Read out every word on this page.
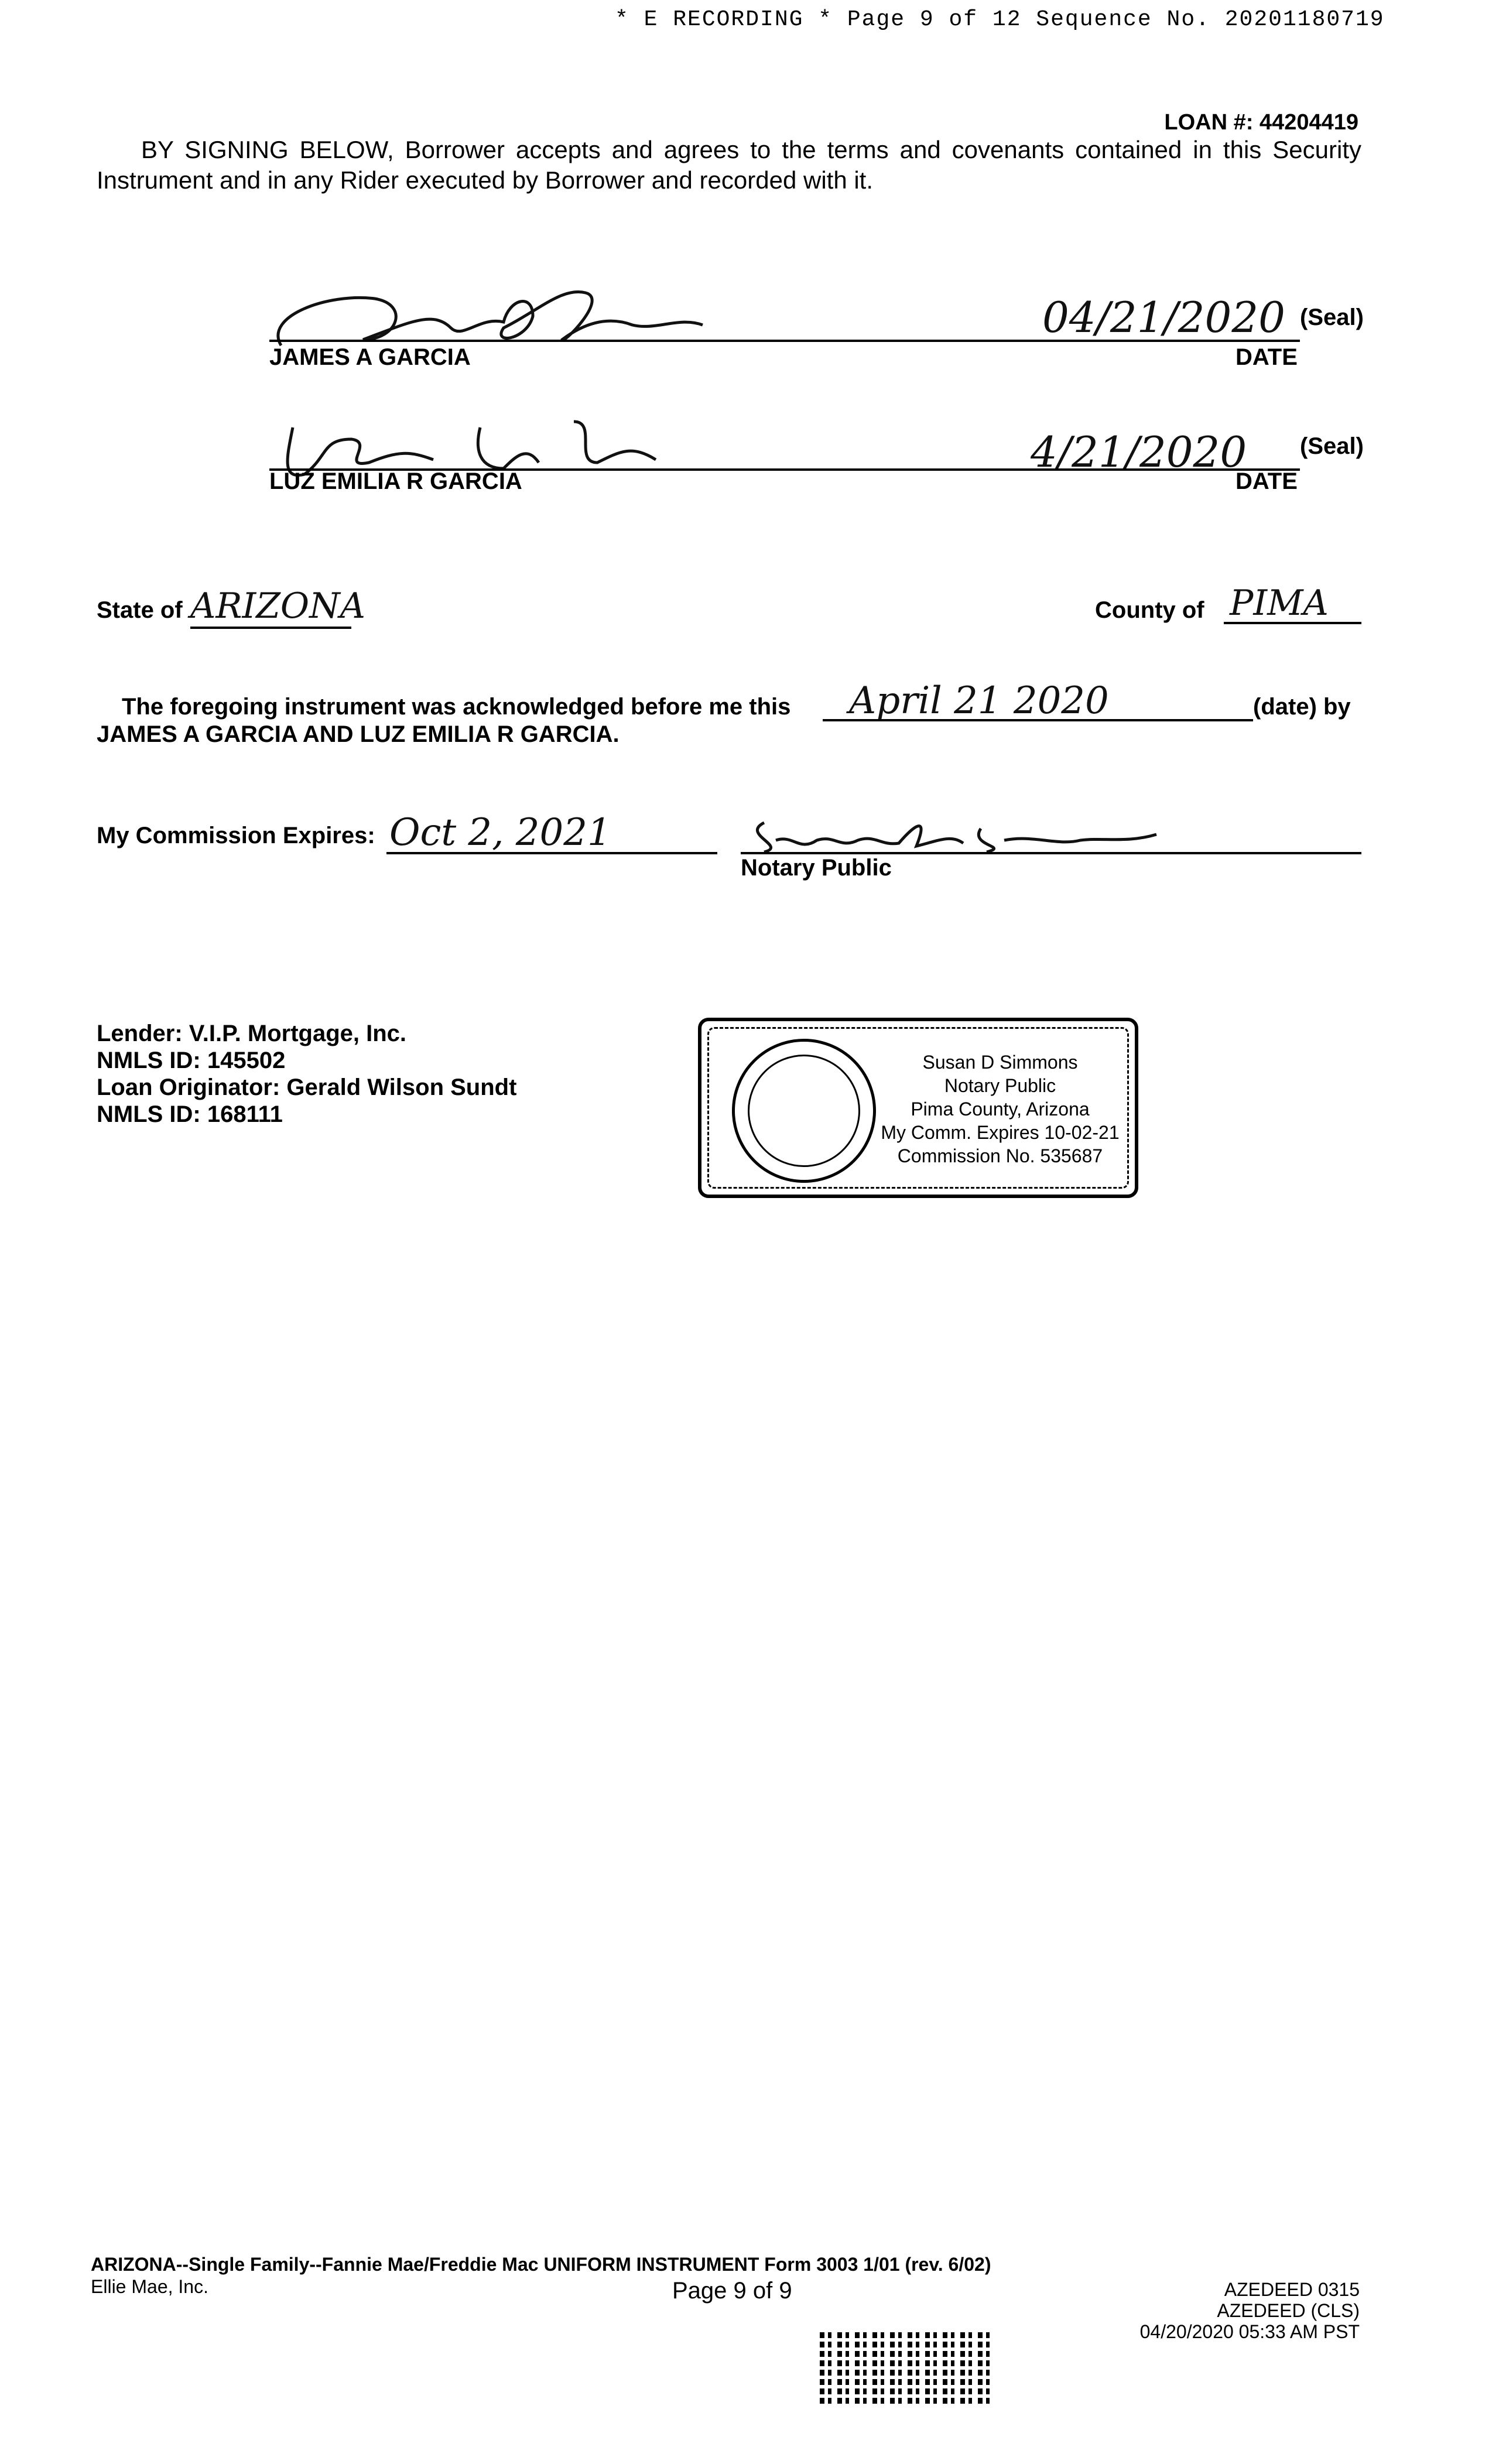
* E RECORDING * Page 9 of 12 Sequence No. 20201180719
LOAN #: 44204419
BY SIGNING BELOW, Borrower accepts and agrees to the terms and covenants contained in this Security Instrument and in any Rider executed by Borrower and recorded with it.
04/21/2020 (Seal)
JAMES A GARCIA	DATE
4/21/2020 (Seal)
LUZ EMILIA R GARCIA	DATE
State of ARIZONA	County of PIMA
The foregoing instrument was acknowledged before me this April 21 2020	(date) by
JAMES A GARCIA AND LUZ EMILIA R GARCIA.
My Commission Expires: Oct 2, 2021
Notary Public
Lender: V.I.P. Mortgage, Inc.
NMLS ID: 145502
Loan Originator: Gerald Wilson Sundt
NMLS ID: 168111
Susan D Simmons
Notary Public
Pima County, Arizona
My Comm. Expires 10-02-21
Commission No. 535687
ARIZONA--Single Family--Fannie Mae/Freddie Mac UNIFORM INSTRUMENT Form 3003 1/01 (rev. 6/02)
Ellie Mae, Inc.	Page 9 of 9	AZEDEED 0315
AZEDEED (CLS)
04/20/2020 05:33 AM PST
